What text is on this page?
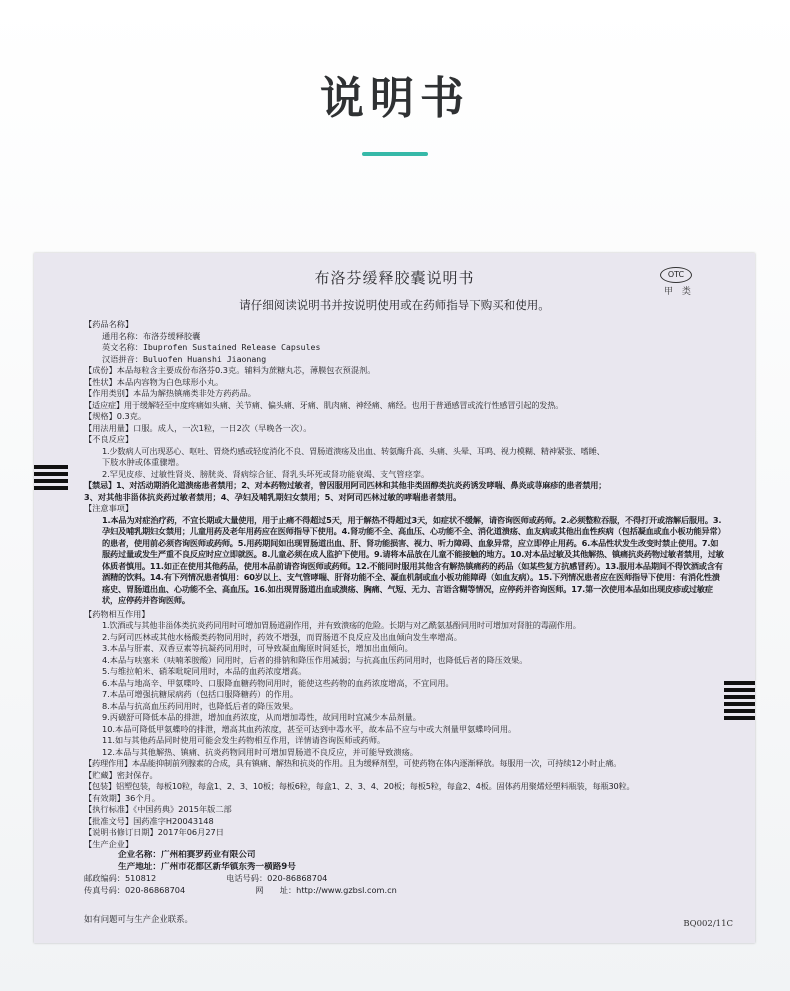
说明书
布洛芬缓释胶囊说明书	OTC
甲 类
请仔细阅读说明书并按说明使用或在药师指导下购买和使用。
【药品名称】
通用名称：布洛芬缓释胶囊
英文名称：Ibuprofen Sustained Release Capsules
汉语拼音：Buluofen Huanshi Jiaonang
【成份】本品每粒含主要成份布洛芬0.3克。辅料为蔗糖丸芯，薄膜包衣预混剂。
【性状】本品内容物为白色球形小丸。
【作用类别】本品为解热镇痛类非处方药药品。
【适应症】用于缓解轻至中度疼痛如头痛、关节痛、偏头痛、牙痛、肌肉痛、神经痛、痛经。也用于普通感冒或流行性感冒引起的发热。
【规格】0.3克。
【用法用量】口服。成人，一次1粒，一日2次（早晚各一次）。
【不良反应】
1.少数病人可出现恶心、呕吐、胃烧灼感或轻度消化不良、胃肠道溃疡及出血、转氨酶升高、头痛、头晕、耳鸣、视力模糊、精神紧张、嗜睡、
下肢水肿或体重骤增。
2.罕见皮疹、过敏性肾炎、膀胱炎、肾病综合征、肾乳头坏死或肾功能衰竭、支气管痉挛。
【禁忌】1、对活动期消化道溃疡患者禁用；2、对本药物过敏者，曾因服用阿司匹林和其他非类固醇类抗炎药诱发哮喘、鼻炎或荨麻疹的患者禁用；
3、对其他非甾体抗炎药过敏者禁用；4、孕妇及哺乳期妇女禁用；5、对阿司匹林过敏的哮喘患者禁用。
【注意事项】
1.本品为对症治疗药，不宜长期或大量使用，用于止痛不得超过5天，用于解热不得超过3天，如症状不缓解，请咨询医师或药师。2.必须整粒吞服，不得打开或溶解后服用。3.孕妇及哺乳期妇女禁用；儿童用药及老年用药应在医师指导下使用。4.肾功能不全、高血压、心功能不全、消化道溃疡、血友病或其他出血性疾病（包括凝血或血小板功能异常）的患者，使用前必须咨询医师或药师。5.用药期间如出现胃肠道出血、肝、肾功能损害、视力、听力障碍、血象异常，应立即停止用药。6.本品性状发生改变时禁止使用。7.如服药过量或发生严重不良反应时应立即就医。8.儿童必须在成人监护下使用。9.请将本品放在儿童不能接触的地方。10.对本品过敏及其他解热、镇痛抗炎药物过敏者禁用，过敏体质者慎用。11.如正在使用其他药品，使用本品前请咨询医师或药师。12.不能同时服用其他含有解热镇痛药的药品（如某些复方抗感冒药）。13.服用本品期间不得饮酒或含有酒精的饮料。14.有下列情况患者慎用：60岁以上、支气管哮喘、肝肾功能不全、凝血机制或血小板功能障碍（如血友病）。15.下列情况患者应在医师指导下使用：有消化性溃疡史、胃肠道出血、心功能不全、高血压。16.如出现胃肠道出血或溃疡、胸痛、气短、无力、言语含糊等情况，应停药并咨询医师。17.第一次使用本品如出现皮疹或过敏症状，应停药并咨询医师。
【药物相互作用】
1.饮酒或与其他非甾体类抗炎药同用时可增加胃肠道副作用，并有致溃疡的危险。长期与对乙酰氨基酚同用时可增加对肾脏的毒副作用。
2.与阿司匹林或其他水杨酸类药物同用时，药效不增强，而胃肠道不良反应及出血倾向发生率增高。
3.本品与肝素、双香豆素等抗凝药同用时，可导致凝血酶原时间延长，增加出血倾向。
4.本品与呋塞米（呋喃苯胺酸）同用时，后者的排钠和降压作用减弱；与抗高血压药同用时，也降低后者的降压效果。
5.与维拉帕米、硝苯吡啶同用时，本品的血药浓度增高。
6.本品与地高辛、甲氨喋呤、口服降血糖药物同用时，能使这些药物的血药浓度增高，不宜同用。
7.本品可增强抗糖尿病药（包括口服降糖药）的作用。
8.本品与抗高血压药同用时，也降低后者的降压效果。
9.丙磺舒可降低本品的排泄，增加血药浓度，从而增加毒性，故同用时宜减少本品剂量。
10.本品可降低甲氨蝶呤的排泄，增高其血药浓度，甚至可达到中毒水平，故本品不应与中或大剂量甲氨蝶呤同用。
11.如与其他药品同时使用可能会发生药物相互作用，详情请咨询医师或药师。
12.本品与其他解热、镇痛、抗炎药物同用时可增加胃肠道不良反应，并可能导致溃疡。
【药理作用】本品能抑制前列腺素的合成，具有镇痛、解热和抗炎的作用。且为缓释剂型，可使药物在体内逐渐释放。每服用一次，可持续12小时止痛。
【贮藏】密封保存。
【包装】铝塑包装，每板10粒，每盒1、2、3、10板；每板6粒，每盒1、2、3、4、20板；每板5粒，每盒2、4板。固体药用聚烯烃塑料瓶装，每瓶30粒。
【有效期】36个月。
【执行标准】《中国药典》2015年版二部
【批准文号】国药准字H20043148
【说明书修订日期】2017年06月27日
【生产企业】
企业名称：广州柏赛罗药业有限公司
生产地址：广州市花都区新华镇东秀一横路9号
邮政编码：510812	电话号码：020-86868704
传真号码：020-86868704	网　　址：http://www.gzbsl.com.cn
如有问题可与生产企业联系。	BQ002/11C
